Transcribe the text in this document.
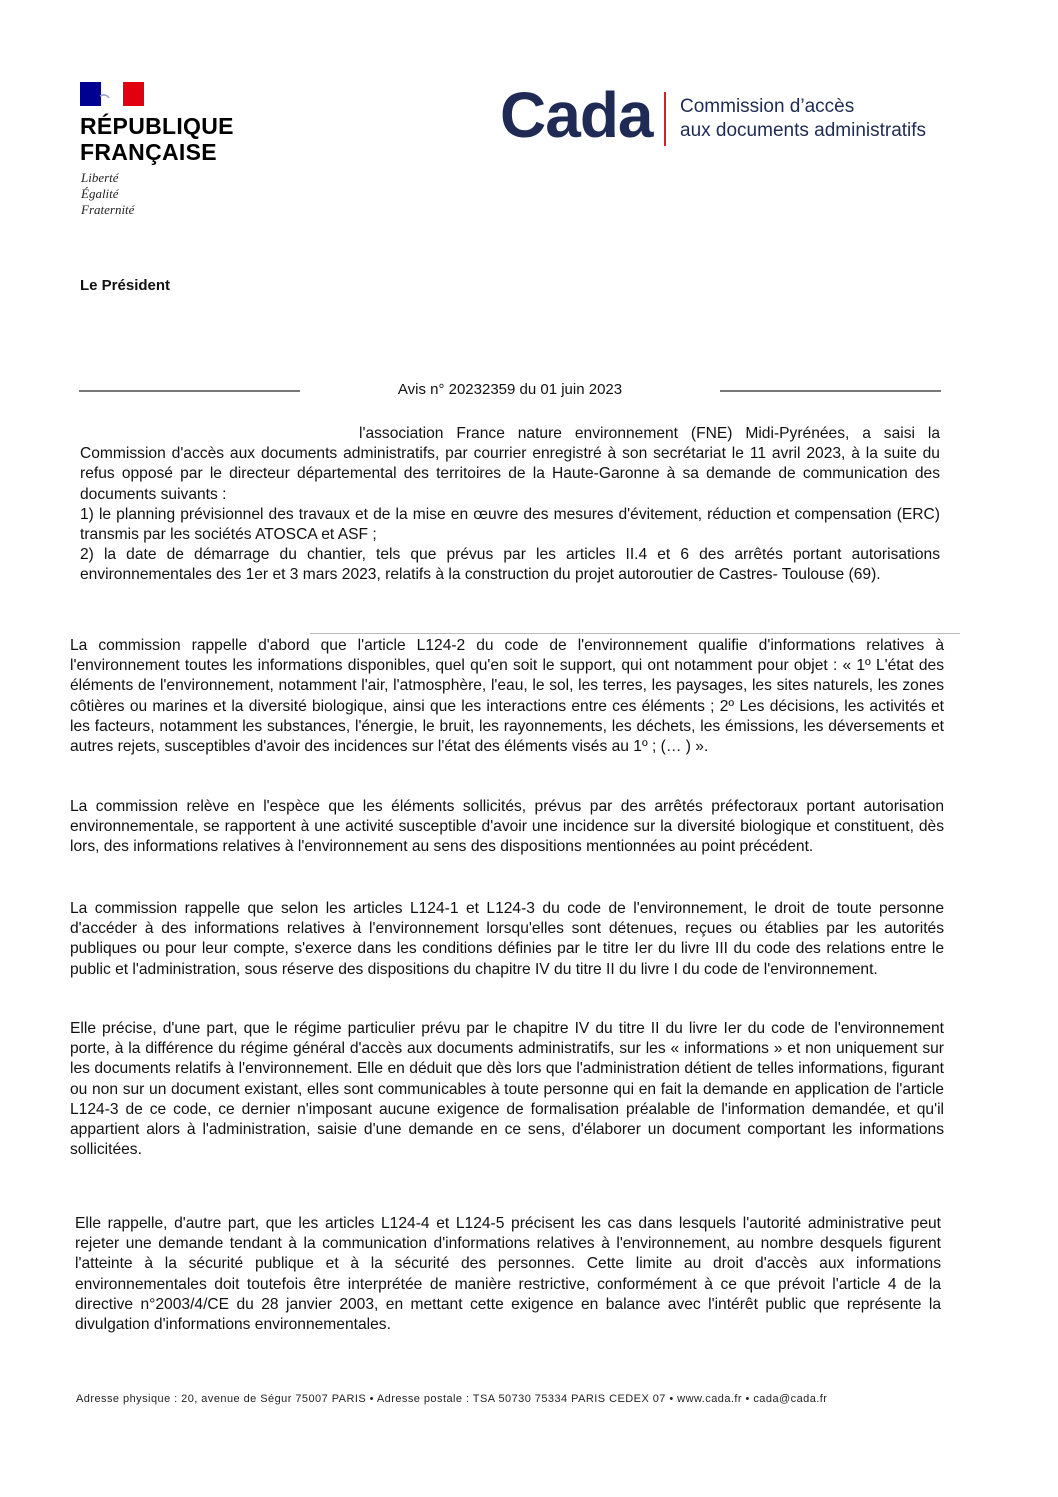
RÉPUBLIQUE
FRANÇAISE
Liberté
Égalité
Fraternité
Cada Commission d’accès
aux documents administratifs
Le Président
Avis n° 20232359 du 01 juin 2023
l'association France nature environnement (FNE) Midi-Pyrénées, a saisi la Commission d'accès aux documents administratifs, par courrier enregistré à son secrétariat le 11 avril 2023, à la suite du refus opposé par le directeur départemental des territoires de la Haute-Garonne à sa demande de communication des documents suivants :
1) le planning prévisionnel des travaux et de la mise en œuvre des mesures d'évitement, réduction et compensation (ERC) transmis par les sociétés ATOSCA et ASF ;
2) la date de démarrage du chantier, tels que prévus par les articles II.4 et 6 des arrêtés portant autorisations environnementales des 1er et 3 mars 2023, relatifs à la construction du projet autoroutier de Castres- Toulouse (69).
La commission rappelle d'abord que l'article L124-2 du code de l'environnement qualifie d'informations relatives à l'environnement toutes les informations disponibles, quel qu'en soit le support, qui ont notamment pour objet : « 1º L'état des éléments de l'environnement, notamment l'air, l'atmosphère, l'eau, le sol, les terres, les paysages, les sites naturels, les zones côtières ou marines et la diversité biologique, ainsi que les interactions entre ces éléments ; 2º Les décisions, les activités et les facteurs, notamment les substances, l'énergie, le bruit, les rayonnements, les déchets, les émissions, les déversements et autres rejets, susceptibles d'avoir des incidences sur l'état des éléments visés au 1º ; (… ) ».
La commission relève en l'espèce que les éléments sollicités, prévus par des arrêtés préfectoraux portant autorisation environnementale, se rapportent à une activité susceptible d'avoir une incidence sur la diversité biologique et constituent, dès lors, des informations relatives à l'environnement au sens des dispositions mentionnées au point précédent.
La commission rappelle que selon les articles L124-1 et L124-3 du code de l'environnement, le droit de toute personne d'accéder à des informations relatives à l'environnement lorsqu'elles sont détenues, reçues ou établies par les autorités publiques ou pour leur compte, s'exerce dans les conditions définies par le titre Ier du livre III du code des relations entre le public et l'administration, sous réserve des dispositions du chapitre IV du titre II du livre I du code de l'environnement.
Elle précise, d'une part, que le régime particulier prévu par le chapitre IV du titre II du livre Ier du code de l'environnement porte, à la différence du régime général d'accès aux documents administratifs, sur les « informations » et non uniquement sur les documents relatifs à l'environnement. Elle en déduit que dès lors que l'administration détient de telles informations, figurant ou non sur un document existant, elles sont communicables à toute personne qui en fait la demande en application de l'article L124-3 de ce code, ce dernier n'imposant aucune exigence de formalisation préalable de l'information demandée, et qu'il appartient alors à l'administration, saisie d'une demande en ce sens, d'élaborer un document comportant les informations sollicitées.
Elle rappelle, d'autre part, que les articles L124-4 et L124-5 précisent les cas dans lesquels l'autorité administrative peut rejeter une demande tendant à la communication d'informations relatives à l'environnement, au nombre desquels figurent l'atteinte à la sécurité publique et à la sécurité des personnes. Cette limite au droit d'accès aux informations environnementales doit toutefois être interprétée de manière restrictive, conformément à ce que prévoit l'article 4 de la directive n°2003/4/CE du 28 janvier 2003, en mettant cette exigence en balance avec l'intérêt public que représente la divulgation d'informations environnementales.
Adresse physique : 20, avenue de Ségur 75007 PARIS • Adresse postale : TSA 50730 75334 PARIS CEDEX 07 • www.cada.fr • cada@cada.fr
